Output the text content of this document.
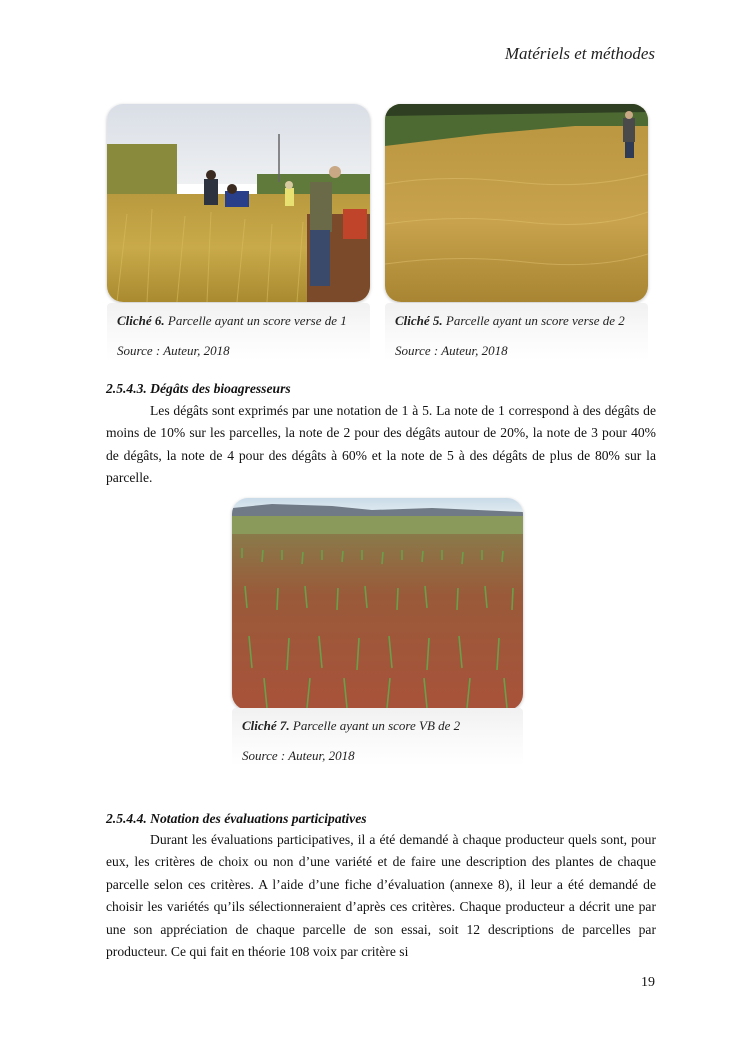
Matériels et méthodes
Cliché 6. Parcelle ayant un score verse de 1
Source : Auteur, 2018
Cliché 5. Parcelle ayant un score verse de 2
Source : Auteur, 2018
2.5.4.3. Dégâts des bioagresseurs

Les dégâts sont exprimés par une notation de 1 à 5. La note de 1 correspond à des dégâts de moins de 10% sur les parcelles, la note de 2 pour des dégâts autour de 20%, la note de 3 pour 40% de dégâts, la note de 4 pour des dégâts à 60% et la note de 5 à des dégâts de plus de 80% sur la parcelle.

Cliché 7. Parcelle ayant un score VB de 2
Source : Auteur, 2018
2.5.4.4. Notation des évaluations participatives

Durant les évaluations participatives, il a été demandé à chaque producteur quels sont, pour eux, les critères de choix ou non d’une variété et de faire une description des plantes de chaque parcelle selon ces critères. A l’aide d’une fiche d’évaluation (annexe 8), il leur a été demandé de choisir les variétés qu’ils sélectionneraient d’après ces critères. Chaque producteur a décrit une par une son appréciation de chaque parcelle de son essai, soit 12 descriptions de parcelles par producteur. Ce qui fait en théorie 108 voix par critère si

19
